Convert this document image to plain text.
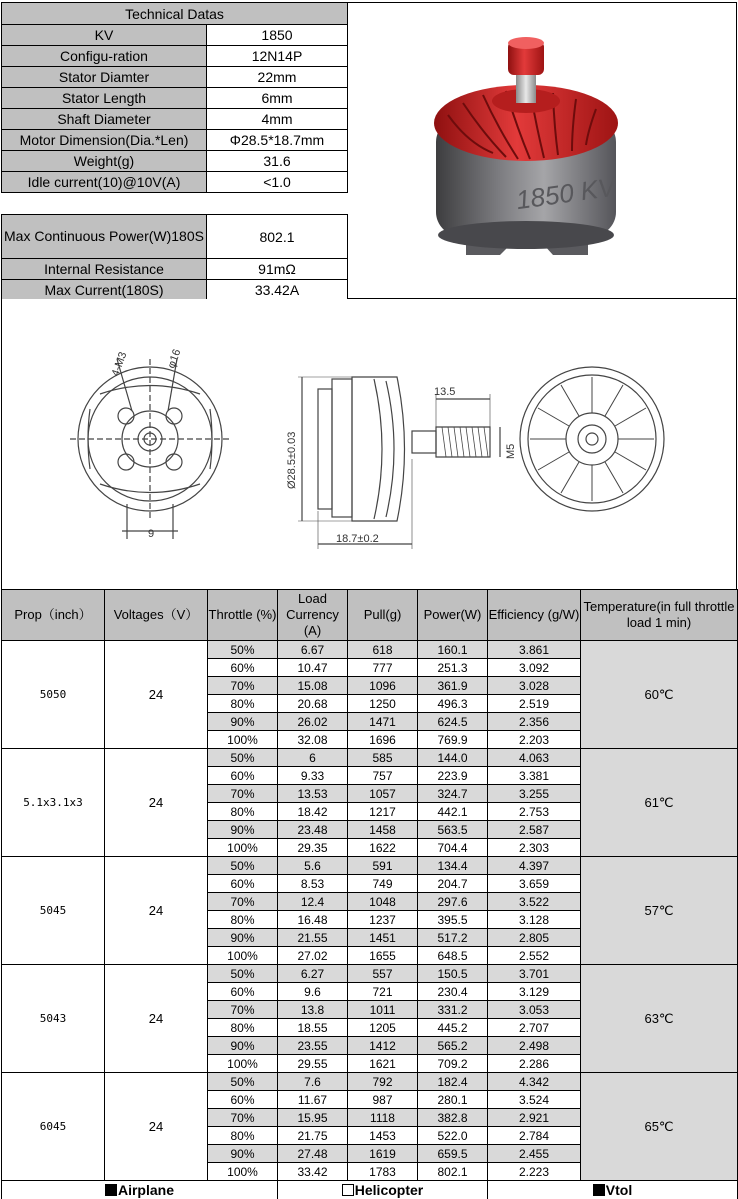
Technical Datas	
KV	1850
Configu-ration	12N14P
Stator Diamter	22mm
Stator Length	6mm
Shaft Diameter	4mm
Motor Dimension(Dia.*Len)	Φ28.5*18.7mm
Weight(g)	31.6
Idle current(10)@10V(A)	<1.0

Max Continuous Power(W)180S	802.1
Internal Resistance	91mΩ
Max Current(180S)	33.42A
1850 KV
9
4-M3	φ16
13.5
M5
Ø28.5±0.03
18.7±0.2
Prop（inch）	Voltages（V）	Throttle (%)	Load Currency (A)	Pull(g)	Power(W)	Efficiency (g/W)	Temperature(in full throttle load 1 min)
5050	24	50%	6.67	618	160.1	3.861	60℃
		60%	10.47	777	251.3	3.092	
		70%	15.08	1096	361.9	3.028	
		80%	20.68	1250	496.3	2.519	
		90%	26.02	1471	624.5	2.356	
		100%	32.08	1696	769.9	2.203	
5.1x3.1x3	24	50%	6	585	144.0	4.063	61℃
		60%	9.33	757	223.9	3.381	
		70%	13.53	1057	324.7	3.255	
		80%	18.42	1217	442.1	2.753	
		90%	23.48	1458	563.5	2.587	
		100%	29.35	1622	704.4	2.303	
5045	24	50%	5.6	591	134.4	4.397	57℃
		60%	8.53	749	204.7	3.659	
		70%	12.4	1048	297.6	3.522	
		80%	16.48	1237	395.5	3.128	
		90%	21.55	1451	517.2	2.805	
		100%	27.02	1655	648.5	2.552	
5043	24	50%	6.27	557	150.5	3.701	63℃
		60%	9.6	721	230.4	3.129	
		70%	13.8	1011	331.2	3.053	
		80%	18.55	1205	445.2	2.707	
		90%	23.55	1412	565.2	2.498	
		100%	29.55	1621	709.2	2.286	
6045	24	50%	7.6	792	182.4	4.342	65℃
		60%	11.67	987	280.1	3.524	
		70%	15.95	1118	382.8	2.921	
		80%	21.75	1453	522.0	2.784	
		90%	27.48	1619	659.5	2.455	
		100%	33.42	1783	802.1	2.223	
Airplane	Helicopter	Vtol
